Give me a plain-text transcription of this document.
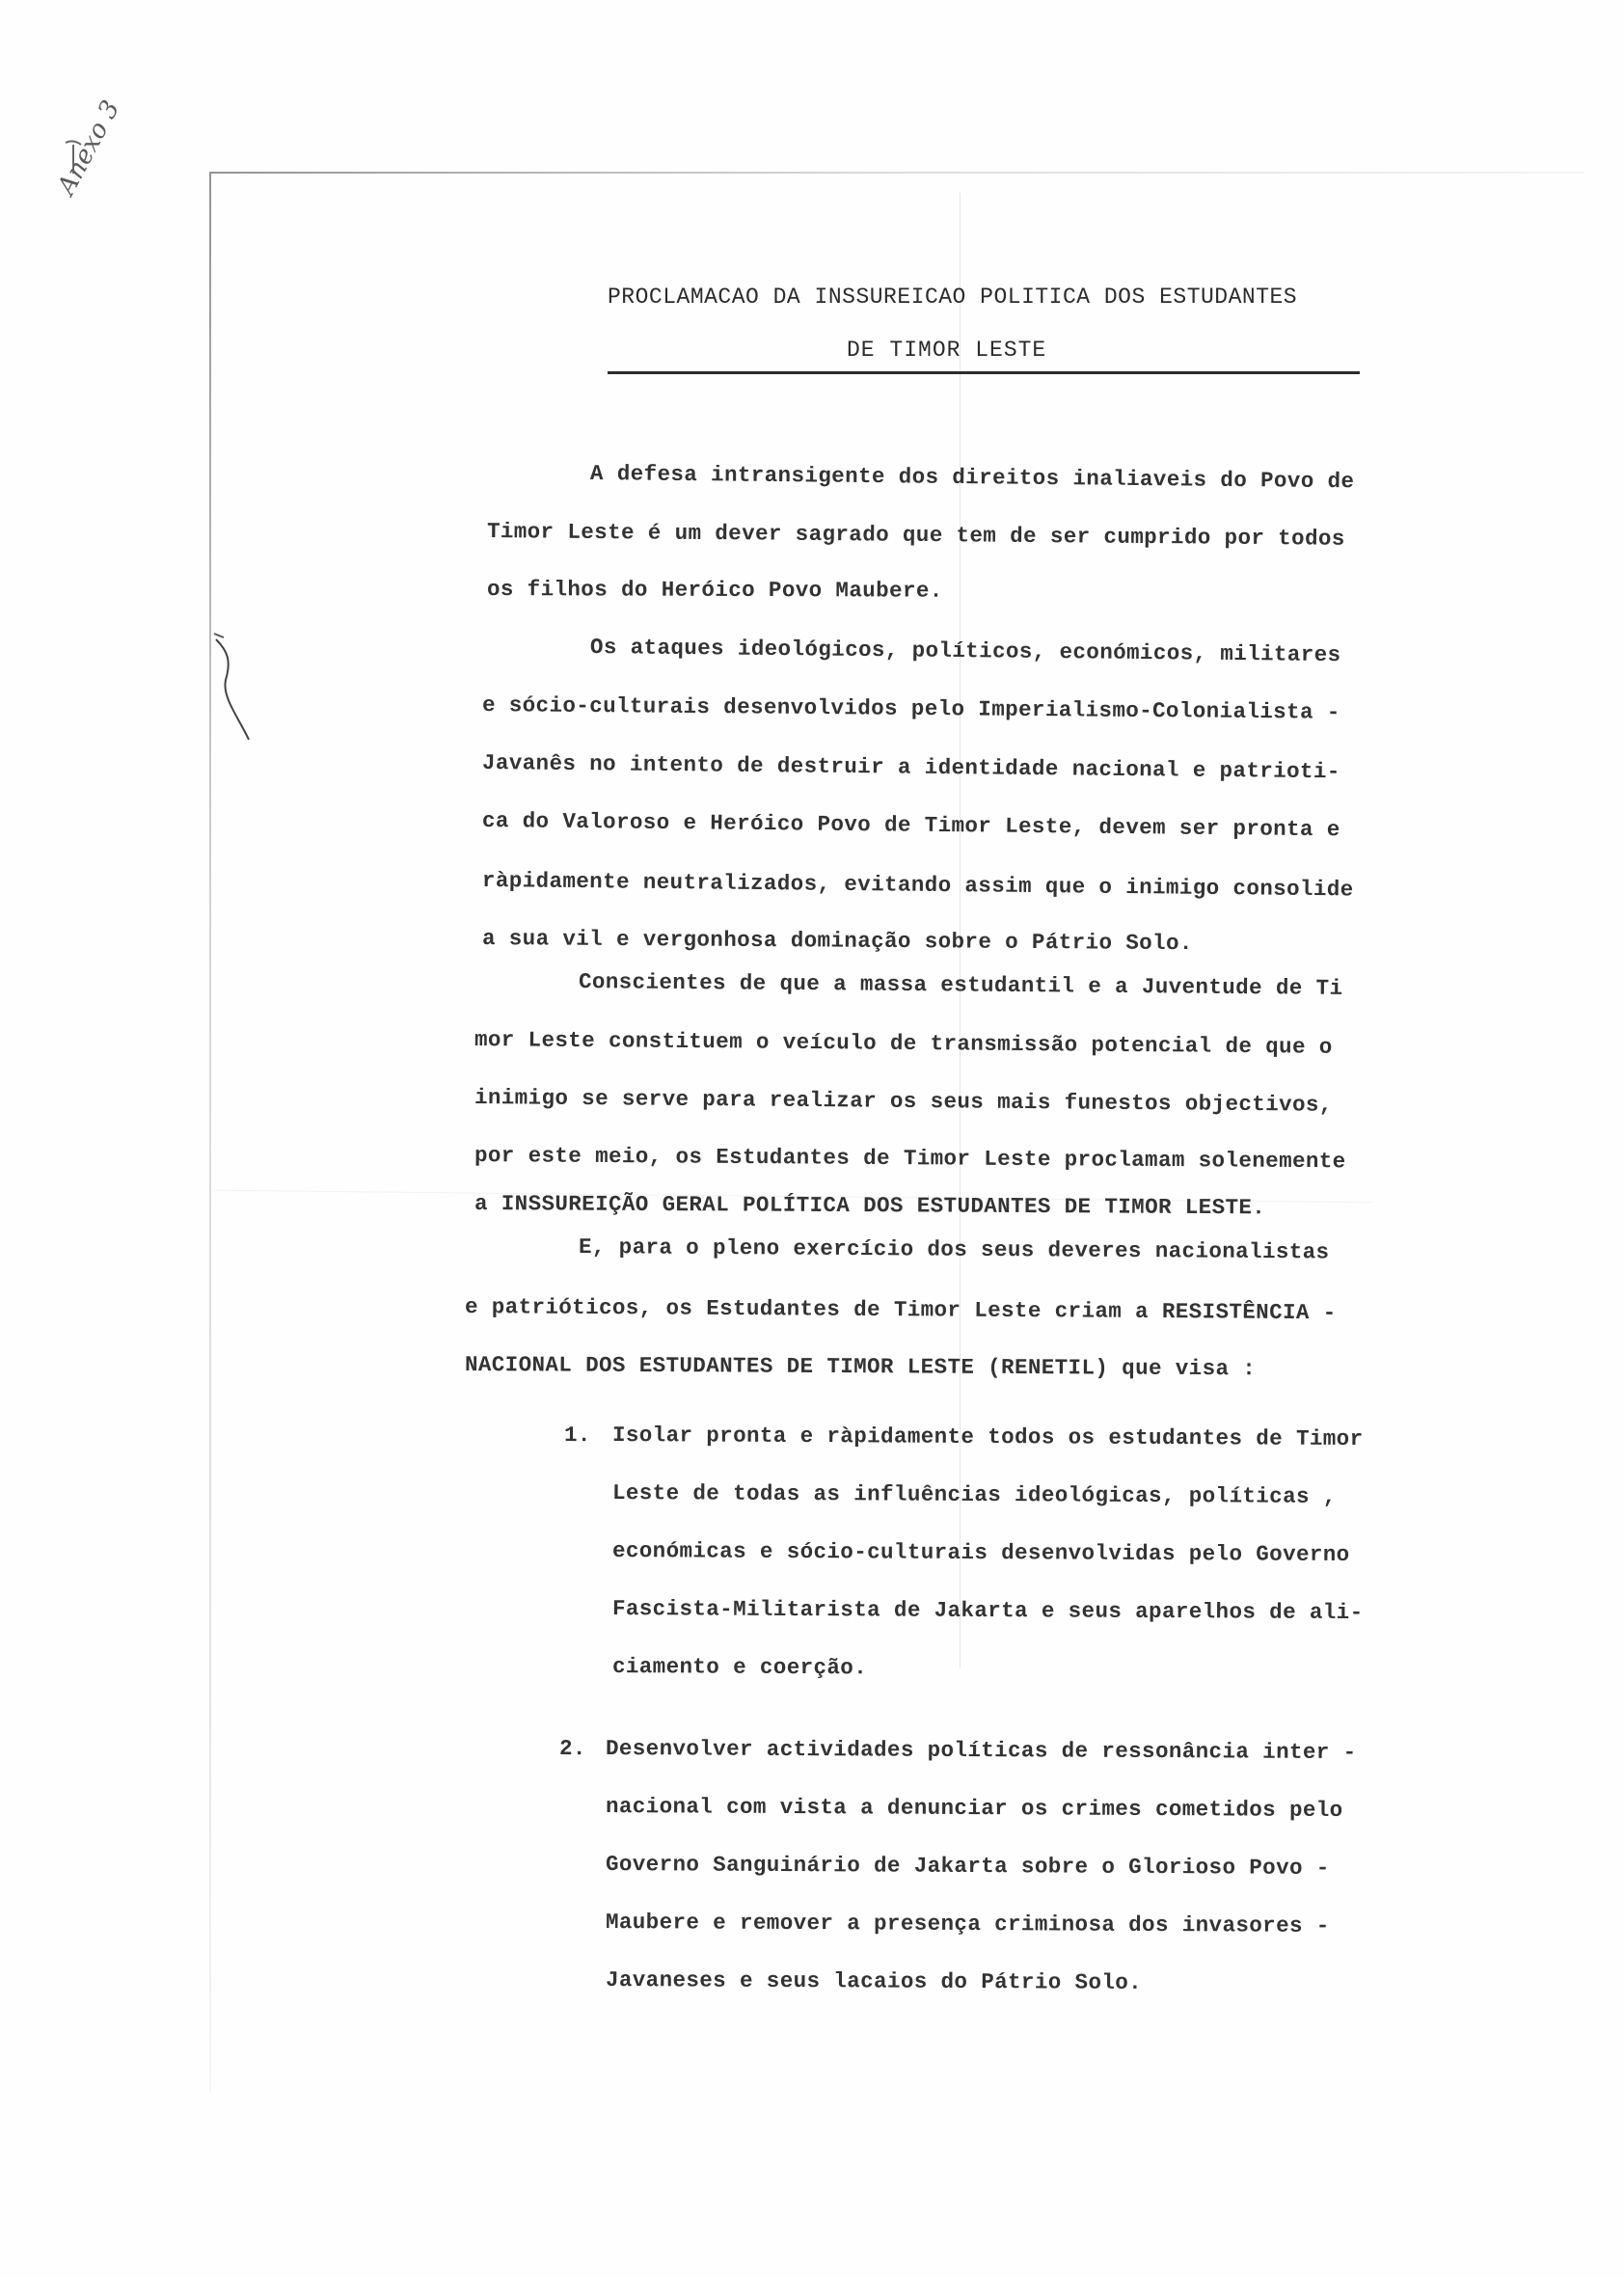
Anexo 3
PROCLAMACAO DA INSSUREICAO POLITICA DOS ESTUDANTES
DE TIMOR LESTE
A defesa intransigente dos direitos inaliaveis do Povo de
Timor Leste é um dever sagrado que tem de ser cumprido por todos
os filhos do Heróico Povo Maubere.
Os ataques ideológicos, políticos, económicos, militares
e sócio-culturais desenvolvidos pelo Imperialismo-Colonialista -
Javanês no intento de destruir a identidade nacional e patrioti-
ca do Valoroso e Heróico Povo de Timor Leste, devem ser pronta e
ràpidamente neutralizados, evitando assim que o inimigo consolide
a sua vil e vergonhosa dominação sobre o Pátrio Solo.
Conscientes de que a massa estudantil e a Juventude de Ti
mor Leste constituem o veículo de transmissão potencial de que o
inimigo se serve para realizar os seus mais funestos objectivos,
por este meio, os Estudantes de Timor Leste proclamam solenemente
a INSSUREIÇÃO GERAL POLÍTICA DOS ESTUDANTES DE TIMOR LESTE.
E, para o pleno exercício dos seus deveres nacionalistas
e patrióticos, os Estudantes de Timor Leste criam a RESISTÊNCIA -
NACIONAL DOS ESTUDANTES DE TIMOR LESTE (RENETIL) que visa :
1. Isolar pronta e ràpidamente todos os estudantes de Timor
Leste de todas as influências ideológicas, políticas ,
económicas e sócio-culturais desenvolvidas pelo Governo
Fascista-Militarista de Jakarta e seus aparelhos de ali-
ciamento e coerção.
2. Desenvolver actividades políticas de ressonância inter -
nacional com vista a denunciar os crimes cometidos pelo
Governo Sanguinário de Jakarta sobre o Glorioso Povo -
Maubere e remover a presença criminosa dos invasores -
Javaneses e seus lacaios do Pátrio Solo.
